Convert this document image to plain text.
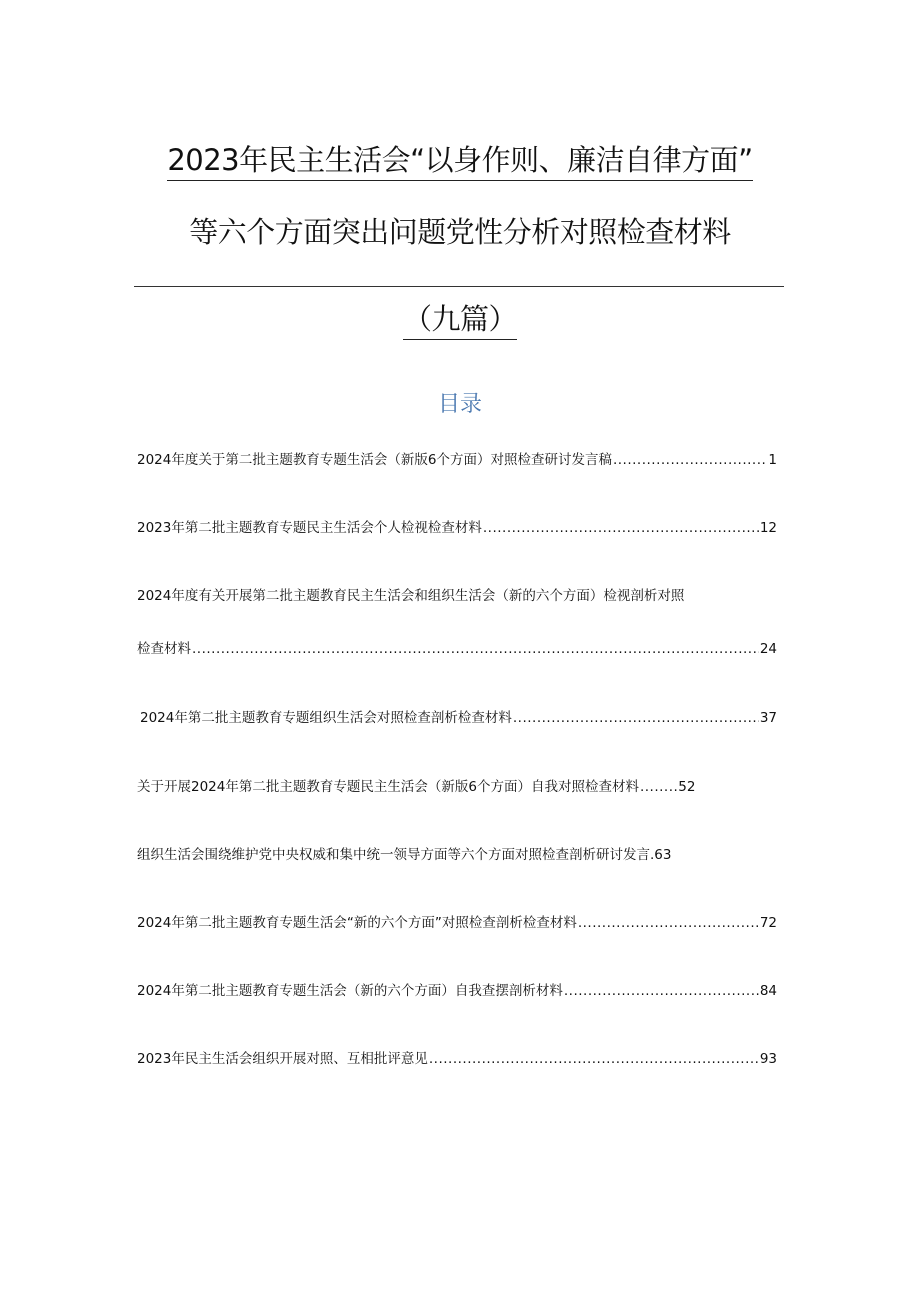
2023年民主生活会“以身作则、廉洁自律方面”
等六个方面突出问题党性分析对照检查材料
（九篇）
目录
2024年度关于第二批主题教育专题生活会（新版6个方面）对照检查研讨发言稿 .....	1
2023年第二批主题教育专题民主生活会个人检视检查材料 .....	12
2024年度有关开展第二批主题教育民主生活会和组织生活会（新的六个方面）检视剖析对照
检查材料 .....	24
2024年第二批主题教育专题组织生活会对照检查剖析检查材料 .....	37
关于开展2024年第二批主题教育专题民主生活会（新版6个方面）自我对照检查材料 ........ 52
组织生活会围绕维护党中央权威和集中统一领导方面等六个方面对照检查剖析研讨发言.63
2024年第二批主题教育专题生活会“新的六个方面”对照检查剖析检查材料 .....	72
2024年第二批主题教育专题生活会（新的六个方面）自我查摆剖析材料 .....	84
2023年民主生活会组织开展对照、互相批评意见 .....	93
